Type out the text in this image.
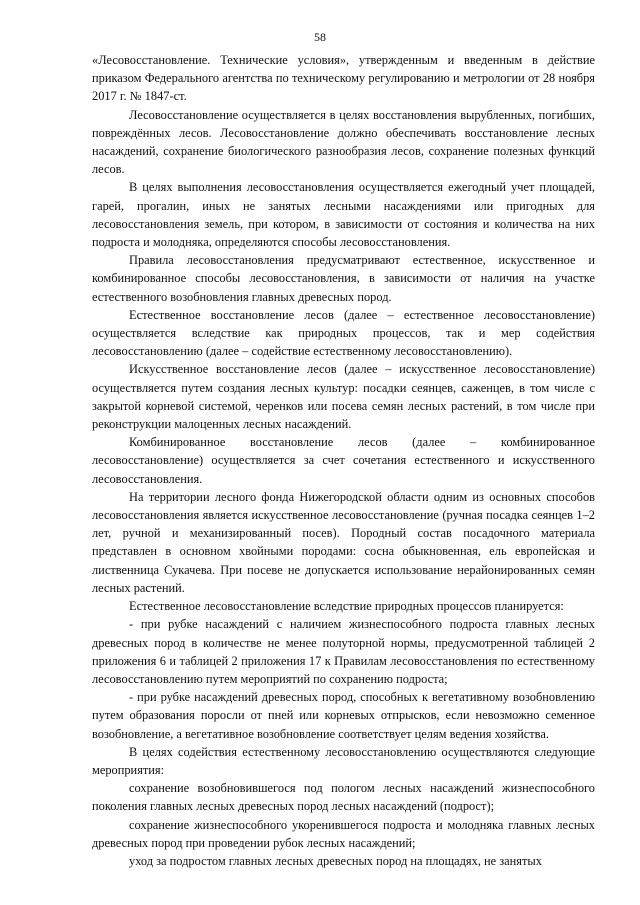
58

«Лесовосстановление. Технические условия», утвержденным и введенным в действие приказом Федерального агентства по техническому регулированию и метрологии от 28 ноября 2017 г. № 1847-ст.

Лесовосстановление осуществляется в целях восстановления вырубленных, погибших, повреждённых лесов. Лесовосстановление должно обеспечивать восстановление лесных насаждений, сохранение биологического разнообразия лесов, сохранение полезных функций лесов.

В целях выполнения лесовосстановления осуществляется ежегодный учет площадей, гарей, прогалин, иных не занятых лесными насаждениями или пригодных для лесовосстановления земель, при котором, в зависимости от состояния и количества на них подроста и молодняка, определяются способы лесовосстановления.

Правила лесовосстановления предусматривают естественное, искусственное и комбинированное способы лесовосстановления, в зависимости от наличия на участке естественного возобновления главных древесных пород.

Естественное восстановление лесов (далее – естественное лесовосстановление) осуществляется вследствие как природных процессов, так и мер содействия лесовосстановлению (далее – содействие естественному лесовосстановлению).

Искусственное восстановление лесов (далее – искусственное лесовосстановление) осуществляется путем создания лесных культур: посадки сеянцев, саженцев, в том числе с закрытой корневой системой, черенков или посева семян лесных растений, в том числе при реконструкции малоценных лесных насаждений.

Комбинированное восстановление лесов (далее – комбинированное лесовосстановление) осуществляется за счет сочетания естественного и искусственного лесовосстановления.

На территории лесного фонда Нижегородской области одним из основных способов лесовосстановления является искусственное лесовосстановление (ручная посадка сеянцев 1–2 лет, ручной и механизированный посев). Породный состав посадочного материала представлен в основном хвойными породами: сосна обыкновенная, ель европейская и лиственница Сукачева. При посеве не допускается использование нерайонированных семян лесных растений.

Естественное лесовосстановление вследствие природных процессов планируется:

- при рубке насаждений с наличием жизнеспособного подроста главных лесных древесных пород в количестве не менее полуторной нормы, предусмотренной таблицей 2 приложения 6 и таблицей 2 приложения 17 к Правилам лесовосстановления по естественному лесовосстановлению путем мероприятий по сохранению подроста;

- при рубке насаждений древесных пород, способных к вегетативному возобновлению путем образования поросли от пней или корневых отпрысков, если невозможно семенное возобновление, а вегетативное возобновление соответствует целям ведения хозяйства.

В целях содействия естественному лесовосстановлению осуществляются следующие мероприятия:

сохранение возобновившегося под пологом лесных насаждений жизнеспособного поколения главных лесных древесных пород лесных насаждений (подрост);

сохранение жизнеспособного укоренившегося подроста и молодняка главных лесных древесных пород при проведении рубок лесных насаждений;

уход за подростом главных лесных древесных пород на площадях, не занятых
